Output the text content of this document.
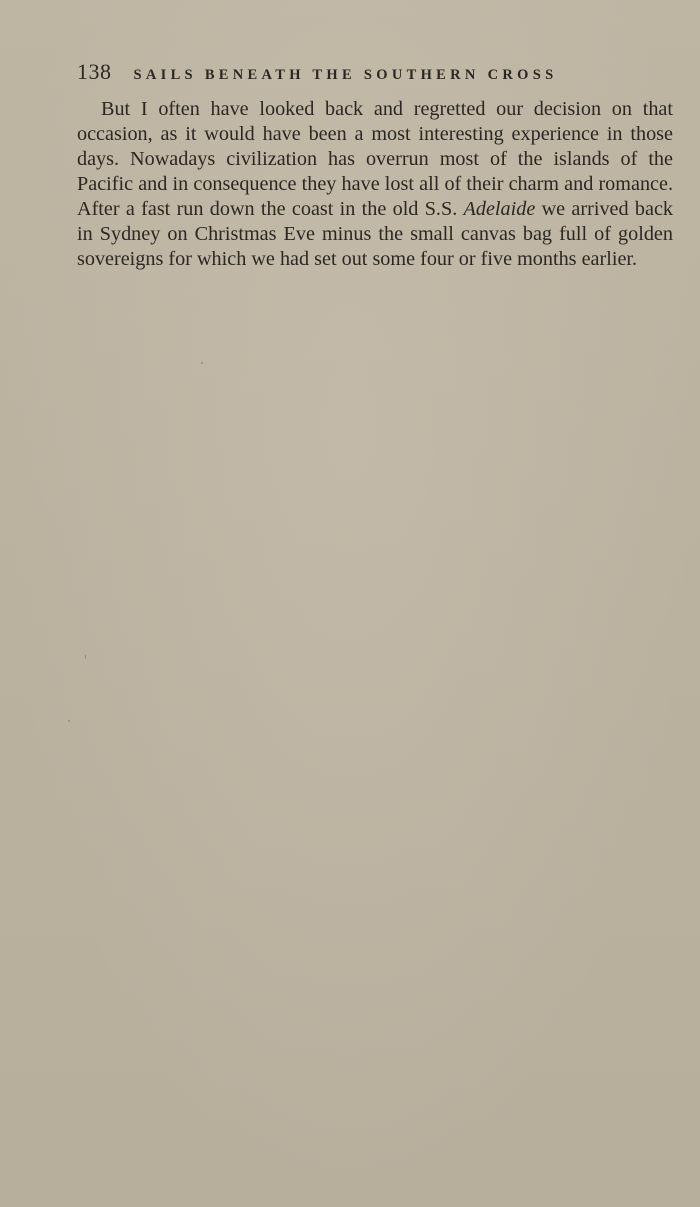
138 SAILS BENEATH THE SOUTHERN CROSS

But I often have looked back and regretted our decision on that occasion, as it would have been a most interesting experience in those days. Nowadays civilization has overrun most of the islands of the Pacific and in consequence they have lost all of their charm and romance. After a fast run down the coast in the old S.S. Adelaide we arrived back in Sydney on Christmas Eve minus the small canvas bag full of golden sovereigns for which we had set out some four or five months earlier.
